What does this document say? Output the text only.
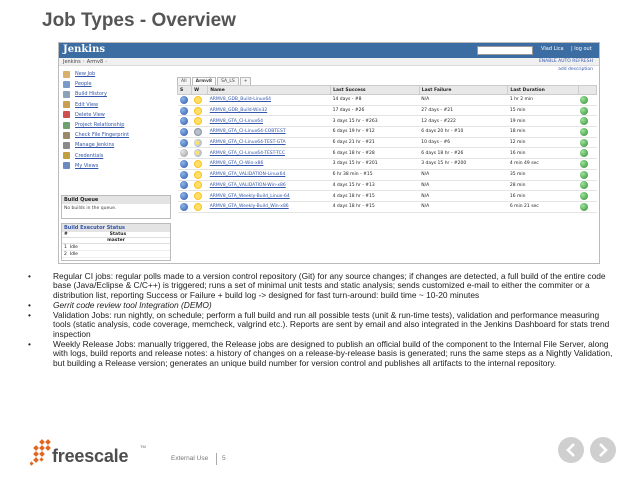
Job Types - Overview
Jenkins	Vlad Lica | log out
Jenkins › Armv8 ›	ENABLE AUTO REFRESH
add description
New Job
People
Build History
Edit View
Delete View
Project Relationship
Check File Fingerprint
Manage Jenkins
Credentials
My Views
Build Queue
No builds in the queue.
Build Executor Status
#	Status
master
1 Idle
2 Idle
All	Armv8	SA_LS	+
S	W	Name	Last Success	Last Failure	Last Duration	
		ARMV8_GDB_Build-Linux64	14 days - #8	N/A	1 hr 2 min	
		ARMV8_GDB_Build-Win32	17 days - #26	27 days - #21	15 min	
		ARMV8_GTA_CI-Linux64	3 days 15 hr - #263	12 days - #222	19 min	
		ARMV8_GTA_CI-Linux64-COBTEST	6 days 19 hr - #12	6 days 20 hr - #10	18 min	
		ARMV8_GTA_CI-Linux64-TEST-GTA	6 days 21 hr - #21	10 days - #6	12 min	
		ARMV8_GTA_CI-Linux64-TEST-TCC	6 days 18 hr - #28	6 days 18 hr - #26	16 min	
		ARMV8_GTA_CI-Win-x86	3 days 15 hr - #201	3 days 15 hr - #200	4 min 49 sec	
		ARMV8_GTA_VALIDATION-Linux64	6 hr 38 min - #15	N/A	35 min	
		ARMV8_GTA_VALIDATION-Win-x86	4 days 15 hr - #13	N/A	28 min	
		ARMV8_GTA_Weekly-Build_Linux-64	4 days 18 hr - #15	N/A	16 min	
		ARMV8_GTA_Weekly-Build_Win-x86	4 days 18 hr - #15	N/A	6 min 21 sec	
•	Regular CI jobs: regular polls made to a version control repository (Git) for any source changes; if changes are detected, a full build of the entire code base (Java/Eclipse & C/C++) is triggered; runs a set of minimal unit tests and static analysis; sends customized e-mail to either the commiter or a distribution list, reporting Success or Failure + build log -> designed for fast turn-around: build time ~ 10-20 minutes
•	Gerrit code review tool Integration (DEMO)
•	Validation Jobs: run nightly, on schedule; perform a full build and run all possible tests (unit & run-time tests), validation and performance measuring tools (static analysis, code coverage, memcheck, valgrind etc.). Reports are sent by email and also integrated in the Jenkins Dashboard for stats trend inspection
•	Weekly Release Jobs: manually triggered, the Release jobs are designed to publish an official build of the component to the Internal File Server, along with logs, build reports and release notes: a history of changes on a release-by-release basis is generated; runs the same steps as a Nightly Validation, but building a Release version; generates an unique build number for version control and publishes all artifacts to the internal repository.
freescale	TM
External Use 5
